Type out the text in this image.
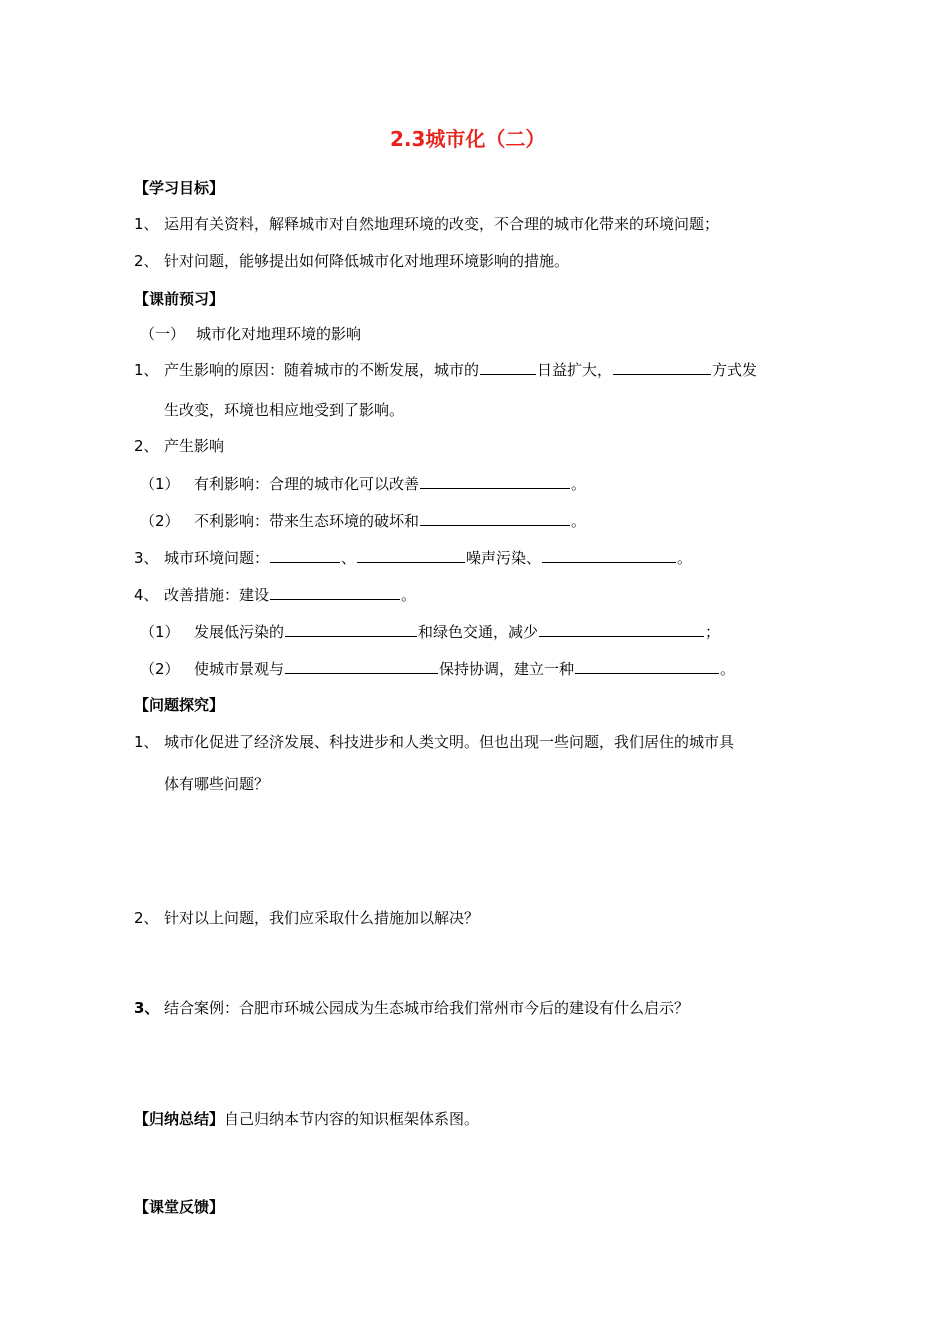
2.3城市化（二）
【学习目标】
1、 运用有关资料，解释城市对自然地理环境的改变，不合理的城市化带来的环境问题；
2、 针对问题，能够提出如何降低城市化对地理环境影响的措施。
【课前预习】
（一） 城市化对地理环境的影响
1、 产生影响的原因：随着城市的不断发展，城市的	日益扩大，	方式发
生改变，环境也相应地受到了影响。
2、 产生影响
（1） 有利影响：合理的城市化可以改善	。
（2） 不利影响：带来生态环境的破坏和	。
3、 城市环境问题：	、	噪声污染、	。
4、 改善措施：建设	。
（1） 发展低污染的	和绿色交通，减少	；
（2） 使城市景观与	保持协调，建立一种	。
【问题探究】
1、 城市化促进了经济发展、科技进步和人类文明。但也出现一些问题，我们居住的城市具
体有哪些问题？
2、 针对以上问题，我们应采取什么措施加以解决？
3、 结合案例：合肥市环城公园成为生态城市给我们常州市今后的建设有什么启示？
【归纳总结】自己归纳本节内容的知识框架体系图。
【课堂反馈】
